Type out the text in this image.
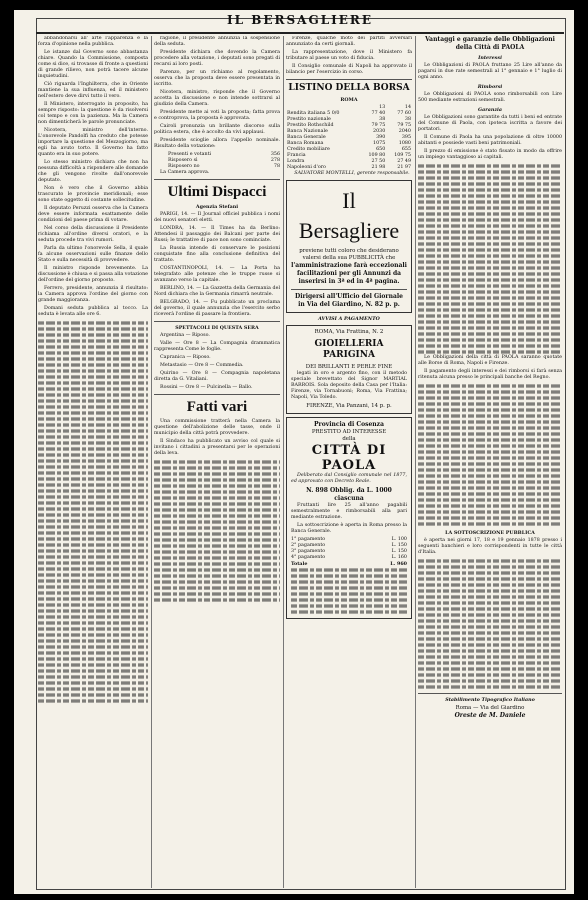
IL BERSAGLIERE

abbandonarsi all' arte l'apparenza e la forza d'opinione nella pubblica.

Le istanze dal Governo sono abbastanza chiare. Quando la Commissione, composta come si dice, si trovasse di fronte a questioni di grande rilievo, non potrà tacere alcune inquietudini.

Ciò riguarda l'Inghilterra, che in Oriente mantiene la sua influenza, ed il ministero nell'estero deve dirvi tutto il vero.

Il Ministero, interrogato in proposito, ha sempre risposto: la questione è da risolversi col tempo e con la pazienza. Ma la Camera non dimenticherà le parole pronunciate.

Nicotera, ministro dell'interno. L'onorevole Pandolfi ha creduto che potesse importare la questione del Mezzogiorno, ma egli ha avuto torto. Il Governo ha fatto quanto era in suo potere.

Lo stesso ministro dichiara che non ha nessuna difficoltà a rispondere alle domande che gli vengono rivolte dall'onorevole deputato.

Non è vero che il Governo abbia trascurato le provincie meridionali; esse sono state oggetto di costante sollecitudine.

Il deputato Peruzzi osserva che la Camera deve essere informata esattamente delle condizioni del paese prima di votare.

Nel corso della discussione il Presidente richiama all'ordine diversi oratori, e la seduta procede tra vivi rumori.

Parla da ultimo l'onorevole Sella, il quale fa alcune osservazioni sulle finanze dello Stato e sulla necessità di provvedere.

Il ministro risponde brevemente. La discussione è chiusa e si passa alla votazione dell'ordine del giorno proposto.

Ferrero, presidente, annunzia il risultato: la Camera approva l'ordine del giorno con grande maggioranza.

Domani seduta pubblica al tocco. La seduta è levata alle ore 6.

ragione, il presidente annunzia la sospensione della seduta.

Presidente dichiara che dovendo la Camera procedere alla votazione, i deputati sono pregati di recarsi ai loro posti.

Parenzo, per un richiamo al regolamento, osserva che la proposta deve essere presentata in iscritto.

Nicotera, ministro, risponde che il Governo accetta la discussione e non intende sottrarsi al giudizio della Camera.

Presidente mette ai voti la proposta; fatta prova e controprova, la proposta è approvata.

Cairoli pronunzia un brillante discorso sulla politica estera, che è accolto da vivi applausi.

Presidente scioglie allora l'appello nominale. Risultato della votazione:

Presenti e votanti	356
Risposero sì	278
Risposero no	78

La Camera approva.

Ultimi Dispacci
Agenzia Stefani

PARIGI, 14. — Il Journal officiel pubblica i nomi dei nuovi senatori eletti.

LONDRA, 14. — Il Times ha da Berlino: Attendesi il passaggio dei Balcani per parte dei Russi; le trattative di pace non sono cominciate.

La Russia intende di conservare le posizioni conquistate fino alla conclusione definitiva del trattato.

COSTANTINOPOLI, 14. — La Porta ha telegrafato alle potenze che le truppe russe si avanzano verso la capitale.

BERLINO, 14. — La Gazzetta della Germania del Nord dichiara che la Germania rimarrà neutrale.

BELGRADO, 14. — Fu pubblicato un proclama del governo, il quale annunzia che l'esercito serbo riceverà l'ordine di passare la frontiera.

SPETTACOLI DI QUESTA SERA

Argentina — Riposo.

Valle — Ore 8 — La Compagnia drammatica rappresenta Come le foglie.

Capranica — Riposo.

Metastasio — Ore 8 — Commedia.

Quirino — Ore 8 — Compagnia napoletana diretta da G. Vitaliani.

Rossini — Ore 8 — Pulcinella — Ballo.

Fatti vari

Una commissione tratterà nella Camera la questione dell'abolizione delle tasse, onde il municipio della città potrà provvedere.

Il Sindaco ha pubblicato un avviso col quale si invitano i cittadini a presentarsi per le operazioni della leva.

Firenze, qualche moto dei partiti avversari annunziato da certi giornali.

La rappresentazione, dove il Ministero fa tributare al paese un voto di fiducia.

Il Consiglio comunale di Napoli ha approvato il bilancio per l'esercizio in corso.

LISTINO DELLA BORSA
ROMA
	13	14
Rendita italiana 5 0/0	77 40	77 60
Prestito nazionale	38	38
Prestito Rothschild	79 75	79 75
Banca Nazionale	2030	2040
Banca Generale	390	395
Banca Romana	1075	1080
Credito mobiliare	650	655
Francia	109 80	109 75
Londra	27 50	27 49
Napoleoni d'oro	21 98	21 97

SALVATORE MONTELLI, gerente responsabile.

Il Bersagliere
previene tutti coloro che desiderano valersi della sua PUBBLICITÀ che
l'amministrazione farà eccezionali facilitazioni per gli Annunzi da inserirsi in 3ª ed in 4ª pagina.
Dirigersi all'Ufficio del Giornale in Via del Giardino, N. 82 p. p.
AVVISI A PAGAMENTO
ROMA, Via Frattina, N. 2
GIOIELLERIA PARIGINA
DEI BRILLANTI E PERLE FINE

legati in oro e argento fino, con il metodo speciale brevettato del Signor MARTIAL BARROIS. Sola deposito della Casa per l'Italia: Firenze, via Tornabuoni; Roma, Via Frattina; Napoli, Via Toledo.

FIRENZE, Via Panzani, 14 p. p.
Provincia di Cosenza
PRESTITO AD INTERESSE
della
CITTÀ DI PAOLA

Deliberato dal Consiglio comunale nel 1877, ed approvato con Decreto Reale.

N. 898 Obblig. da L. 1000 ciascuna

Fruttanti lire 25 all'anno pagabili semestralmente e rimborsabili alla pari mediante estrazione.

La sottoscrizione è aperta in Roma presso la Banca Generale.

1° pagamento	L. 100
2° pagamento	L. 150
3° pagamento	L. 150
4° pagamento	L. 160
Totale	L. 960
Vantaggi e garanzie delle Obbligazioni della Città di PAOLA
Interessi

Le Obbligazioni di PAOLA fruttano 25 Lire all'anno da pagarsi in due rate semestrali al 1° gennaio e 1° luglio di ogni anno.

Rimborsi

Le Obbligazioni di PAOLA sono rimborsabili con Lire 500 mediante estrazioni semestrali.

Garanzia

Le Obbligazioni sono garantite da tutti i beni ed entrate del Comune di Paola, con ipoteca iscritta a favore dei portatori.

Il Comune di Paola ha una popolazione di oltre 10000 abitanti e possiede vasti beni patrimoniali.

Il prezzo di emissione è stato fissato in modo da offrire un impiego vantaggioso ai capitali.

Le Obbligazioni della città di PAOLA saranno quotate alle Borse di Roma, Napoli e Firenze.

Il pagamento degli interessi e dei rimborsi si farà senza ritenuta alcuna presso le principali banche del Regno.

LA SOTTOSCRIZIONE PUBBLICA

è aperta nei giorni 17, 18 e 19 gennaio 1878 presso i seguenti banchieri e loro corrispondenti in tutte le città d'Italia.

Stabilimento Tipografico Italiano
Roma — Via del Giardino
Oreste de M. Daniele
